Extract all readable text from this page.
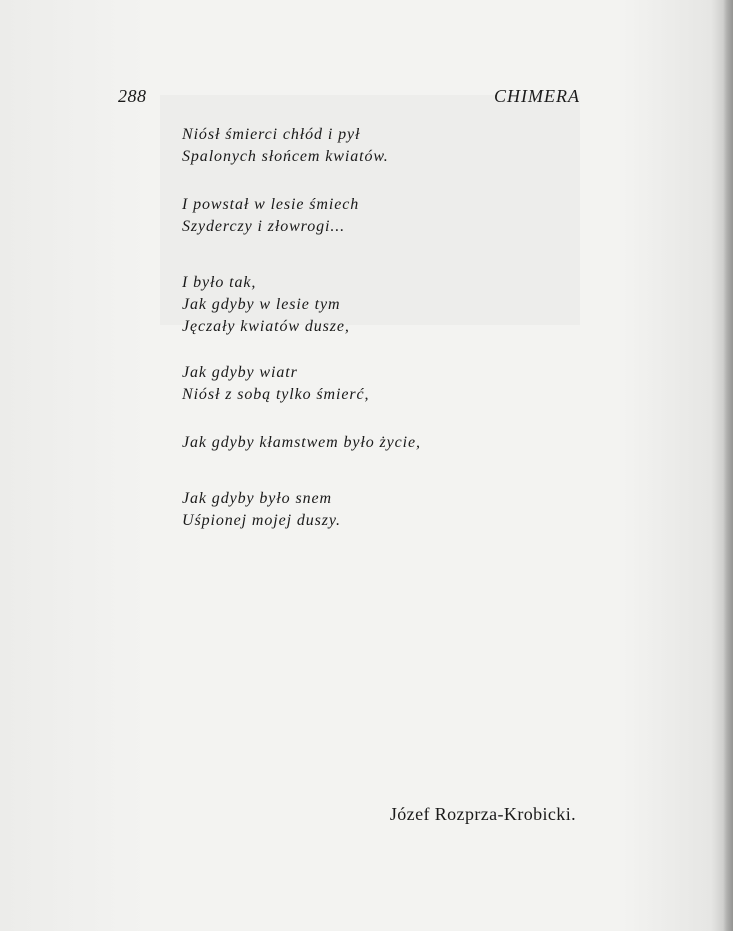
288	CHIMERA
Niósł śmierci chłód i pył
Spalonych słońcem kwiatów.
I powstał w lesie śmiech
Szyderczy i złowrogi...
I było tak,
Jak gdyby w lesie tym
Jęczały kwiatów dusze,
Jak gdyby wiatr
Niósł z sobą tylko śmierć,
Jak gdyby kłamstwem było życie,
Jak gdyby było snem
Uśpionej mojej duszy.
Józef Rozprza-Krobicki.
